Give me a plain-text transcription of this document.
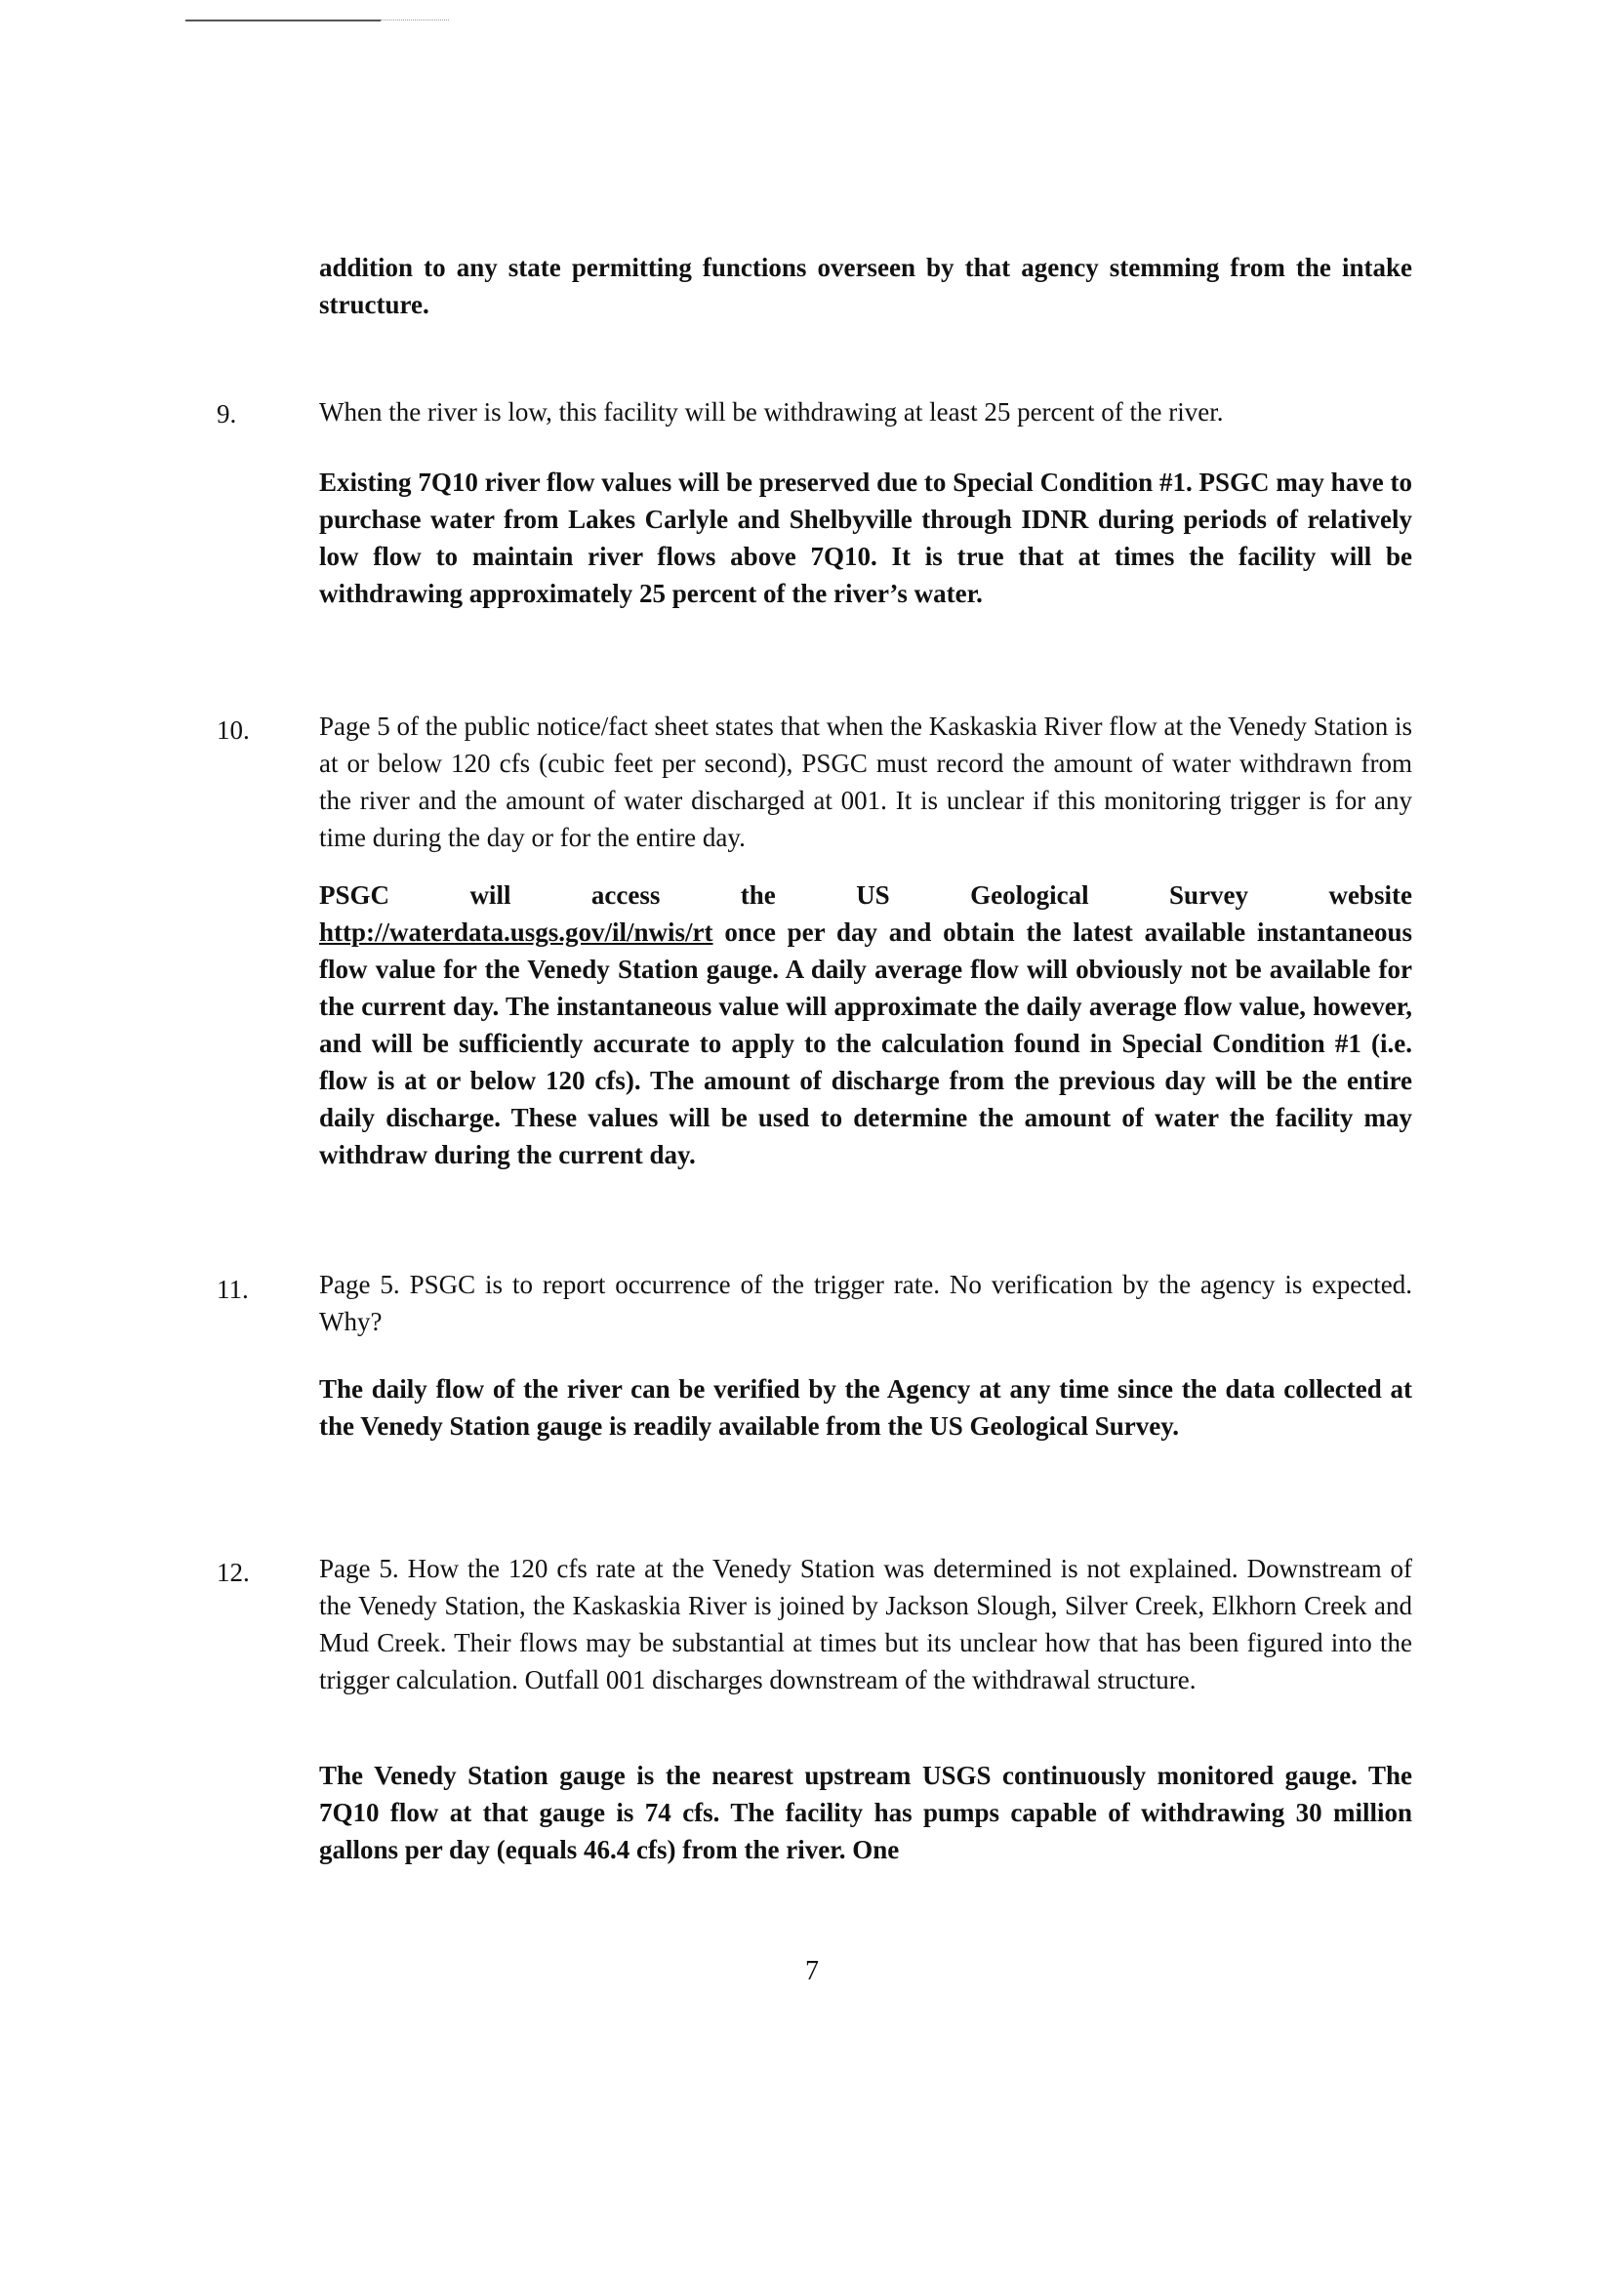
addition to any state permitting functions overseen by that agency stemming from the intake structure.

9.	When the river is low, this facility will be withdrawing at least 25 percent of the river.

Existing 7Q10 river flow values will be preserved due to Special Condition #1. PSGC may have to purchase water from Lakes Carlyle and Shelbyville through IDNR during periods of relatively low flow to maintain river flows above 7Q10. It is true that at times the facility will be withdrawing approximately 25 percent of the river’s water.

10.	Page 5 of the public notice/fact sheet states that when the Kaskaskia River flow at the Venedy Station is at or below 120 cfs (cubic feet per second), PSGC must record the amount of water withdrawn from the river and the amount of water discharged at 001. It is unclear if this monitoring trigger is for any time during the day or for the entire day.

PSGC	will	access	the	US	Geological	Survey	website

http://waterdata.usgs.gov/il/nwis/rt once per day and obtain the latest available instantaneous flow value for the Venedy Station gauge. A daily average flow will obviously not be available for the current day. The instantaneous value will approximate the daily average flow value, however, and will be sufficiently accurate to apply to the calculation found in Special Condition #1 (i.e. flow is at or below 120 cfs). The amount of discharge from the previous day will be the entire daily discharge. These values will be used to determine the amount of water the facility may withdraw during the current day.

11.	Page 5. PSGC is to report occurrence of the trigger rate. No verification by the agency is expected. Why?

The daily flow of the river can be verified by the Agency at any time since the data collected at the Venedy Station gauge is readily available from the US Geological Survey.

12.	Page 5. How the 120 cfs rate at the Venedy Station was determined is not explained. Downstream of the Venedy Station, the Kaskaskia River is joined by Jackson Slough, Silver Creek, Elkhorn Creek and Mud Creek. Their flows may be substantial at times but its unclear how that has been figured into the trigger calculation. Outfall 001 discharges downstream of the withdrawal structure.

The Venedy Station gauge is the nearest upstream USGS continuously monitored gauge. The 7Q10 flow at that gauge is 74 cfs. The facility has pumps capable of withdrawing 30 million gallons per day (equals 46.4 cfs) from the river. One

7
